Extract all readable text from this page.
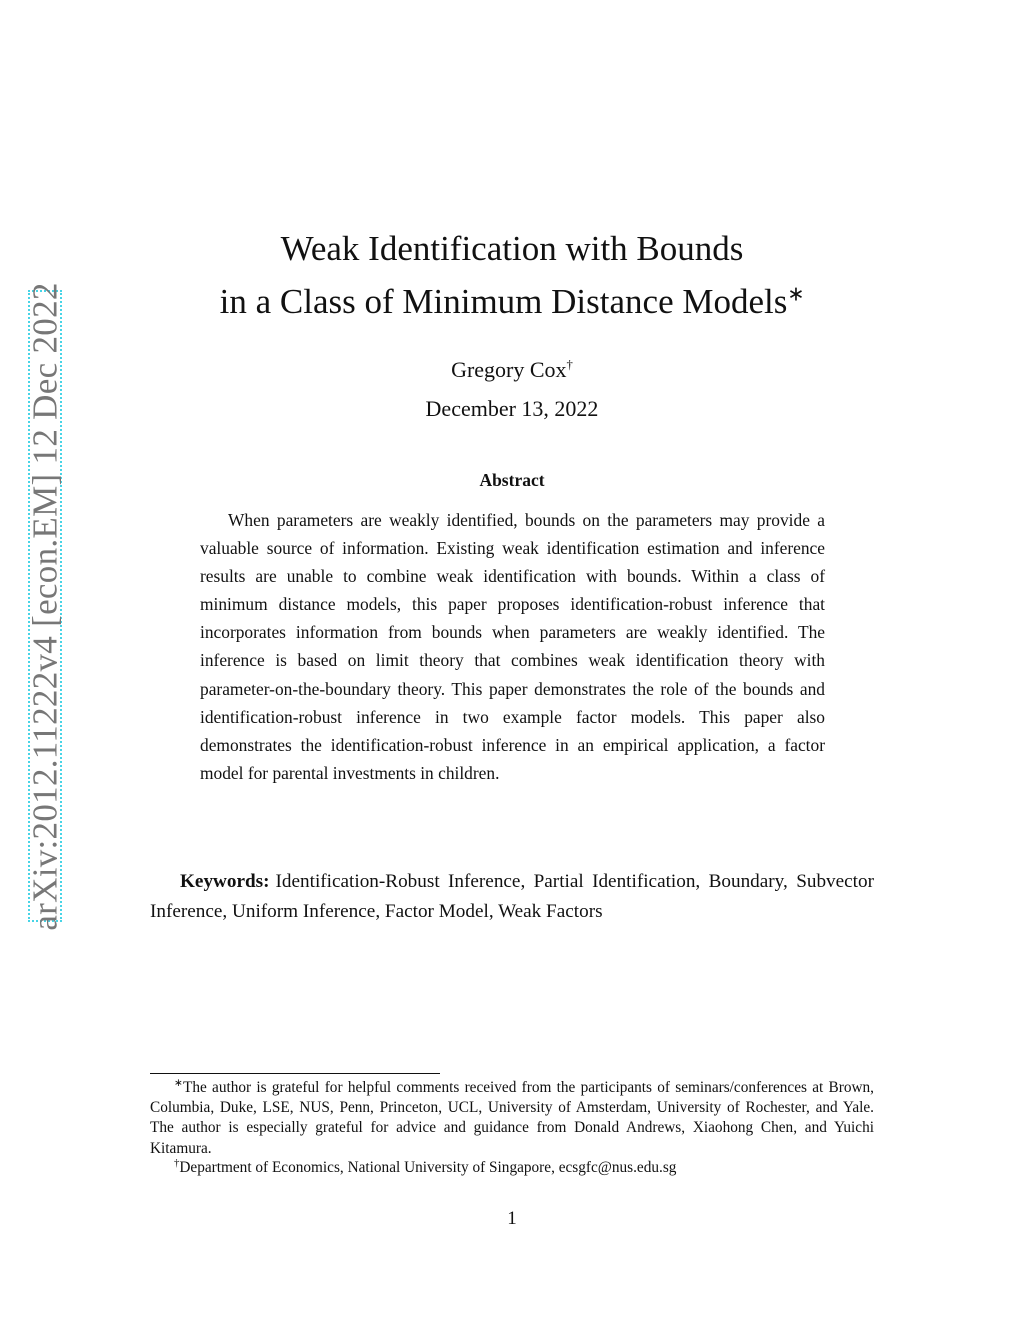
arXiv:2012.11222v4 [econ.EM] 12 Dec 2022
Weak Identification with Bounds
in a Class of Minimum Distance Models∗
Gregory Cox†
December 13, 2022
Abstract

When parameters are weakly identified, bounds on the parameters may provide a valuable source of information. Existing weak identification estimation and inference results are unable to combine weak identification with bounds. Within a class of minimum distance models, this paper proposes identification-robust inference that incorporates information from bounds when parameters are weakly identified. The inference is based on limit theory that combines weak identification theory with parameter-on-the-boundary theory. This paper demonstrates the role of the bounds and identification-robust inference in two example factor models. This paper also demonstrates the identification-robust inference in an empirical application, a factor model for parental investments in children.

Keywords: Identification-Robust Inference, Partial Identification, Boundary, Subvector Inference, Uniform Inference, Factor Model, Weak Factors

∗The author is grateful for helpful comments received from the participants of seminars/conferences at Brown, Columbia, Duke, LSE, NUS, Penn, Princeton, UCL, University of Amsterdam, University of Rochester, and Yale. The author is especially grateful for advice and guidance from Donald Andrews, Xiaohong Chen, and Yuichi Kitamura.

†Department of Economics, National University of Singapore, ecsgfc@nus.edu.sg

1
